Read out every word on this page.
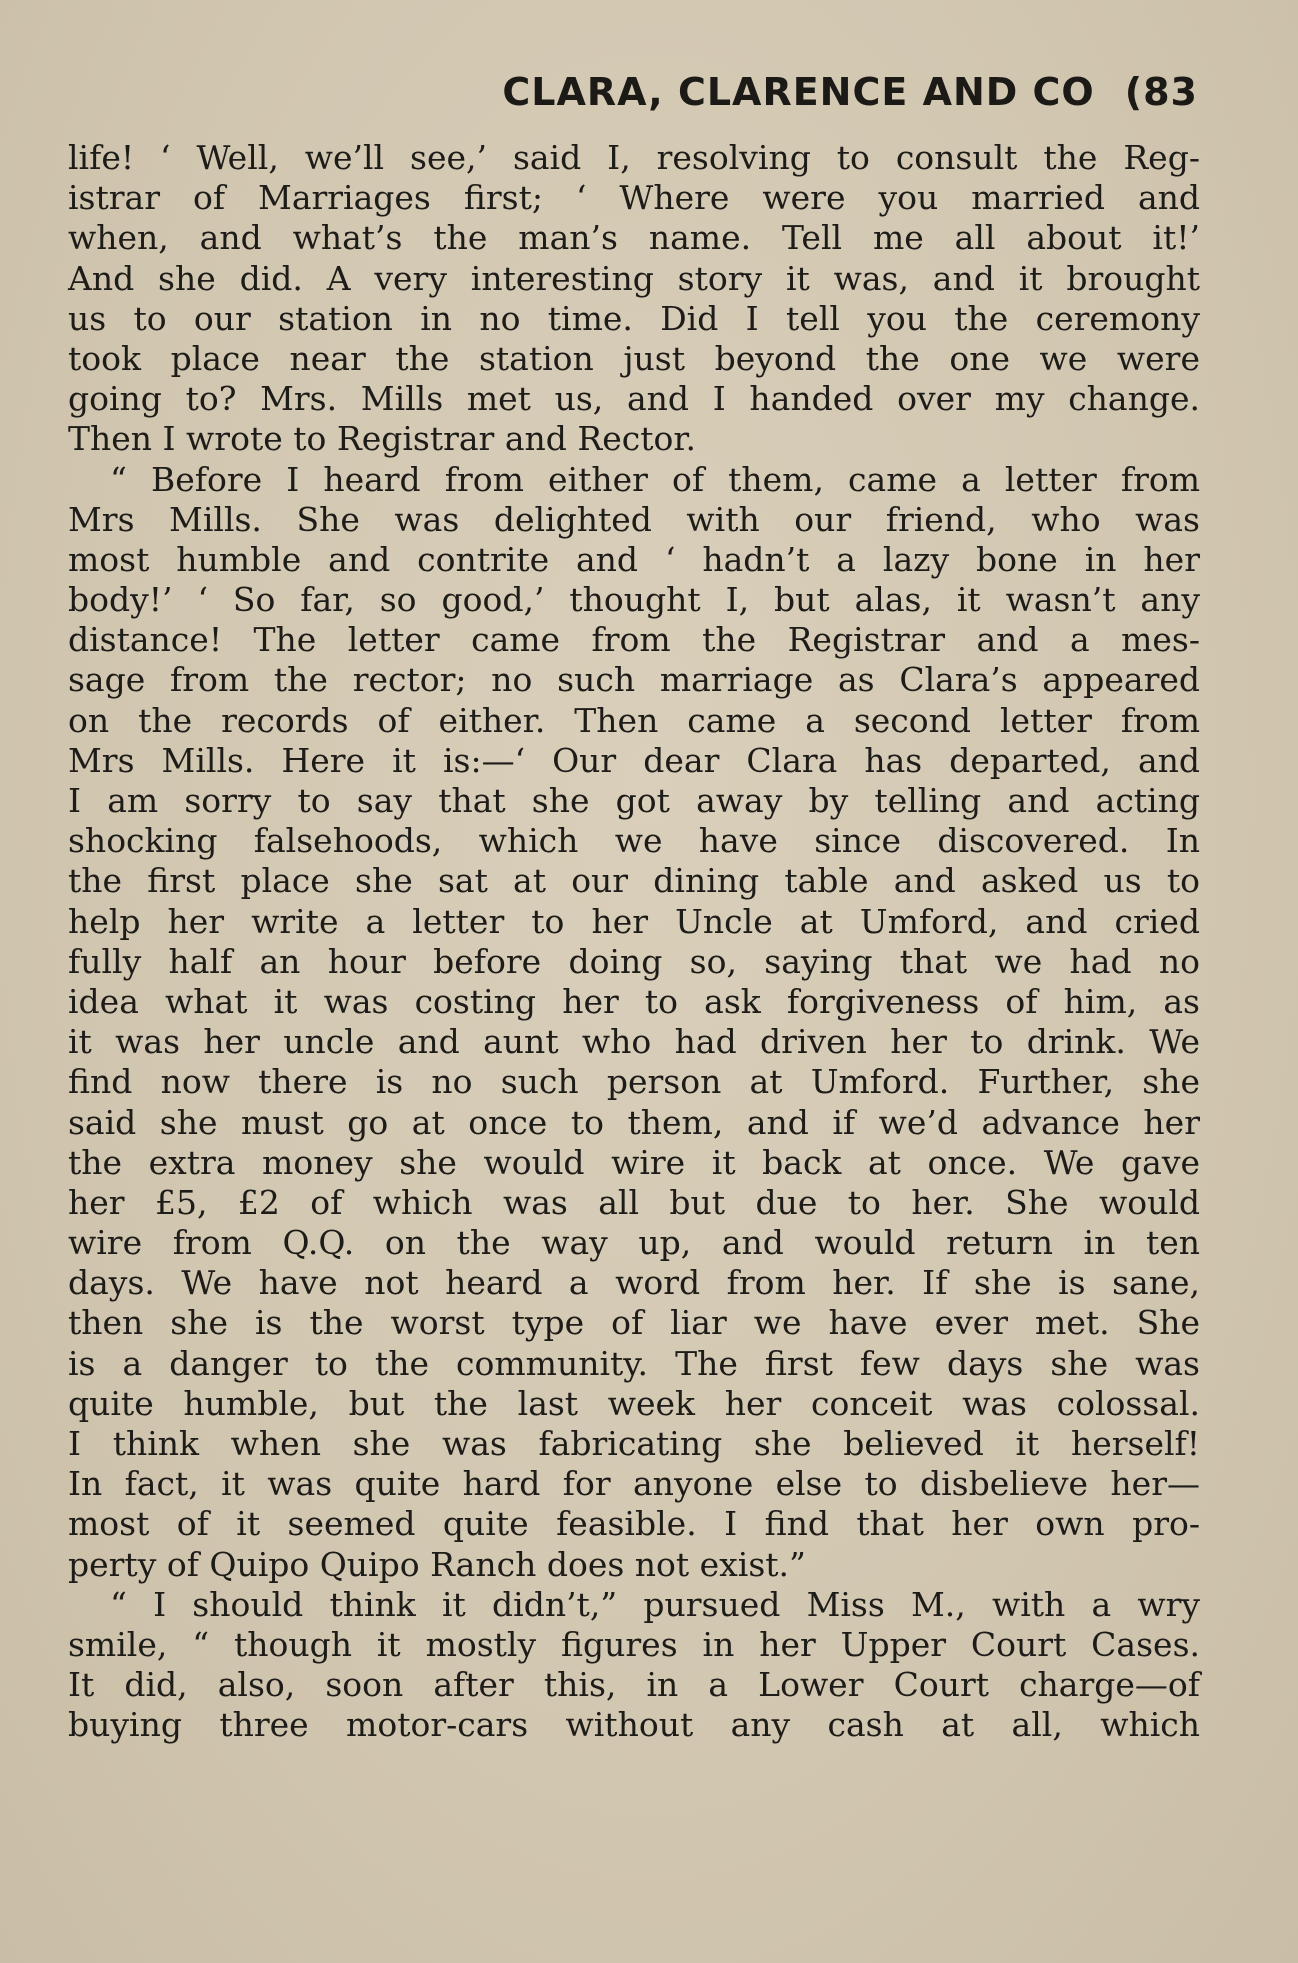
CLARA, CLARENCE AND CO (83
life! ‘ Well, we’ll see,’ said I, resolving to consult the Reg-
istrar of Marriages first; ‘ Where were you married and
when, and what’s the man’s name. Tell me all about it!’
And she did. A very interesting story it was, and it brought
us to our station in no time. Did I tell you the ceremony
took place near the station just beyond the one we were
going to? Mrs. Mills met us, and I handed over my change.
Then I wrote to Registrar and Rector.
“ Before I heard from either of them, came a letter from
Mrs Mills. She was delighted with our friend, who was
most humble and contrite and ‘ hadn’t a lazy bone in her
body!’ ‘ So far, so good,’ thought I, but alas, it wasn’t any
distance! The letter came from the Registrar and a mes-
sage from the rector; no such marriage as Clara’s appeared
on the records of either. Then came a second letter from
Mrs Mills. Here it is:—‘ Our dear Clara has departed, and
I am sorry to say that she got away by telling and acting
shocking falsehoods, which we have since discovered. In
the first place she sat at our dining table and asked us to
help her write a letter to her Uncle at Umford, and cried
fully half an hour before doing so, saying that we had no
idea what it was costing her to ask forgiveness of him, as
it was her uncle and aunt who had driven her to drink. We
find now there is no such person at Umford. Further, she
said she must go at once to them, and if we’d advance her
the extra money she would wire it back at once. We gave
her £5, £2 of which was all but due to her. She would
wire from Q.Q. on the way up, and would return in ten
days. We have not heard a word from her. If she is sane,
then she is the worst type of liar we have ever met. She
is a danger to the community. The first few days she was
quite humble, but the last week her conceit was colossal.
I think when she was fabricating she believed it herself!
In fact, it was quite hard for anyone else to disbelieve her—
most of it seemed quite feasible. I find that her own pro-
perty of Quipo Quipo Ranch does not exist.”
“ I should think it didn’t,” pursued Miss M., with a wry
smile, “ though it mostly figures in her Upper Court Cases.
It did, also, soon after this, in a Lower Court charge—of
buying three motor-cars without any cash at all, which
